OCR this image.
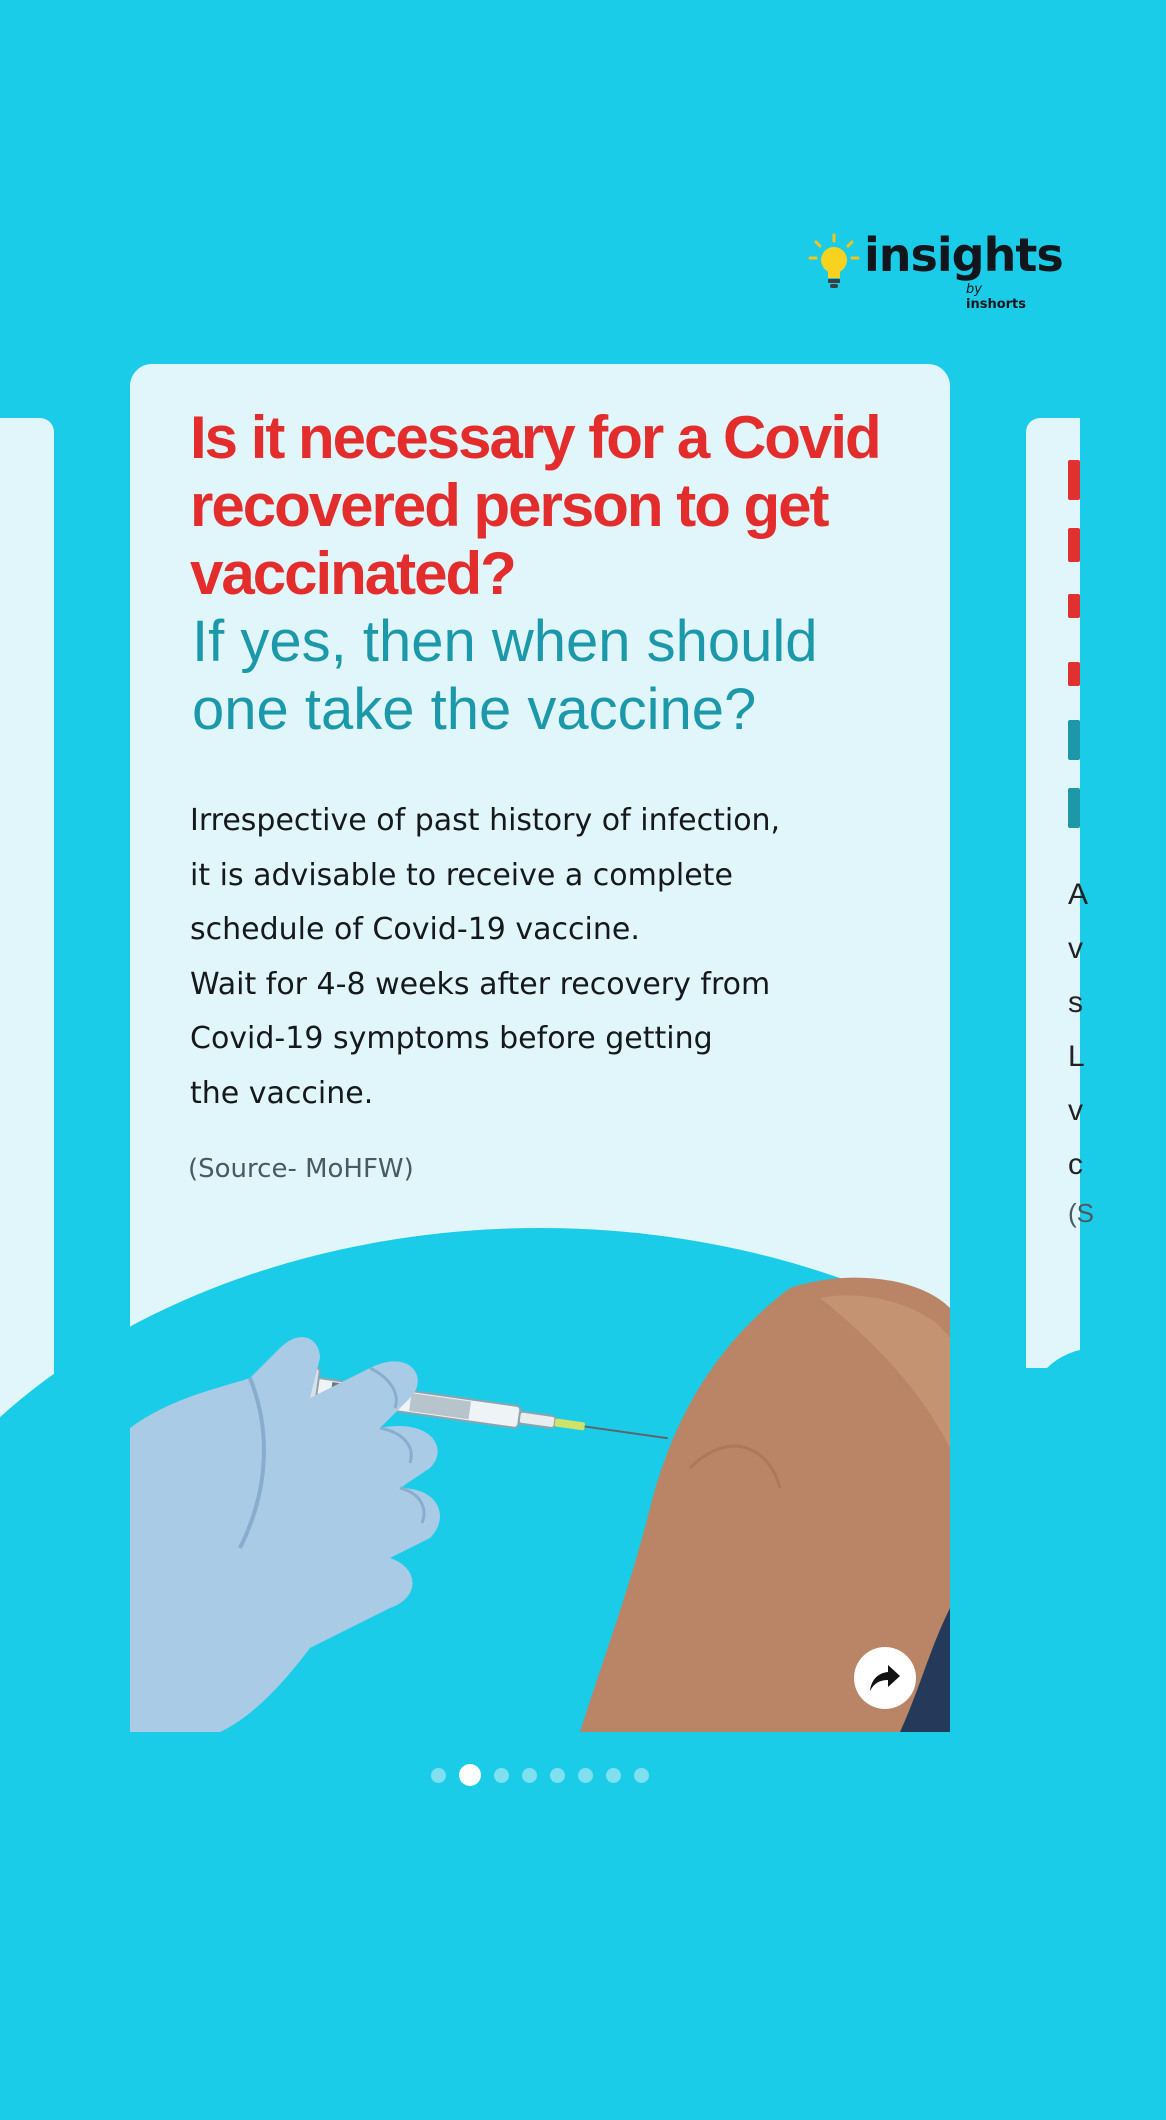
insights
by inshorts
A
v
s
L
v
c
(S
Is it necessary for a Covid recovered person to get vaccinated?
If yes, then when should one take the vaccine?

Irrespective of past history of infection,

it is advisable to receive a complete

schedule of Covid-19 vaccine.

Wait for 4-8 weeks after recovery from

Covid-19 symptoms before getting

the vaccine.

(Source- MoHFW)
